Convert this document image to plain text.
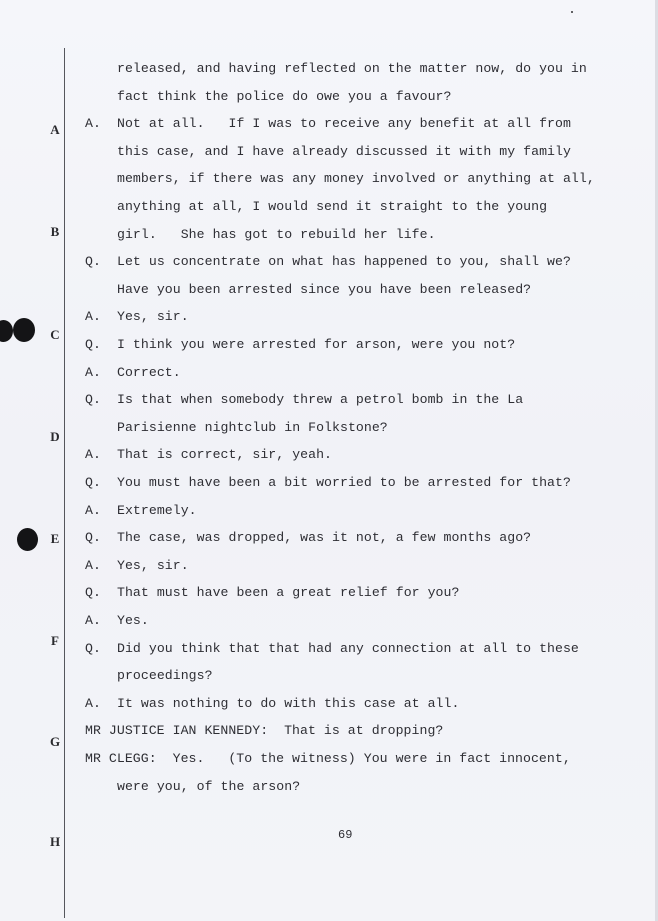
A
B
C
D
E
F
G
H
released, and having reflected on the matter now, do you in
fact think the police do owe you a favour?
A. Not at all.   If I was to receive any benefit at all from
this case, and I have already discussed it with my family
members, if there was any money involved or anything at all,
anything at all, I would send it straight to the young
girl.   She has got to rebuild her life.
Q. Let us concentrate on what has happened to you, shall we?
Have you been arrested since you have been released?
A. Yes, sir.
Q. I think you were arrested for arson, were you not?
A. Correct.
Q. Is that when somebody threw a petrol bomb in the La
Parisienne nightclub in Folkstone?
A. That is correct, sir, yeah.
Q. You must have been a bit worried to be arrested for that?
A. Extremely.
Q. The case, was dropped, was it not, a few months ago?
A. Yes, sir.
Q. That must have been a great relief for you?
A. Yes.
Q. Did you think that that had any connection at all to these
proceedings?
A. It was nothing to do with this case at all.
MR JUSTICE IAN KENNEDY:  That is at dropping?
MR CLEGG:  Yes.   (To the witness) You were in fact innocent,
were you, of the arson?
69
